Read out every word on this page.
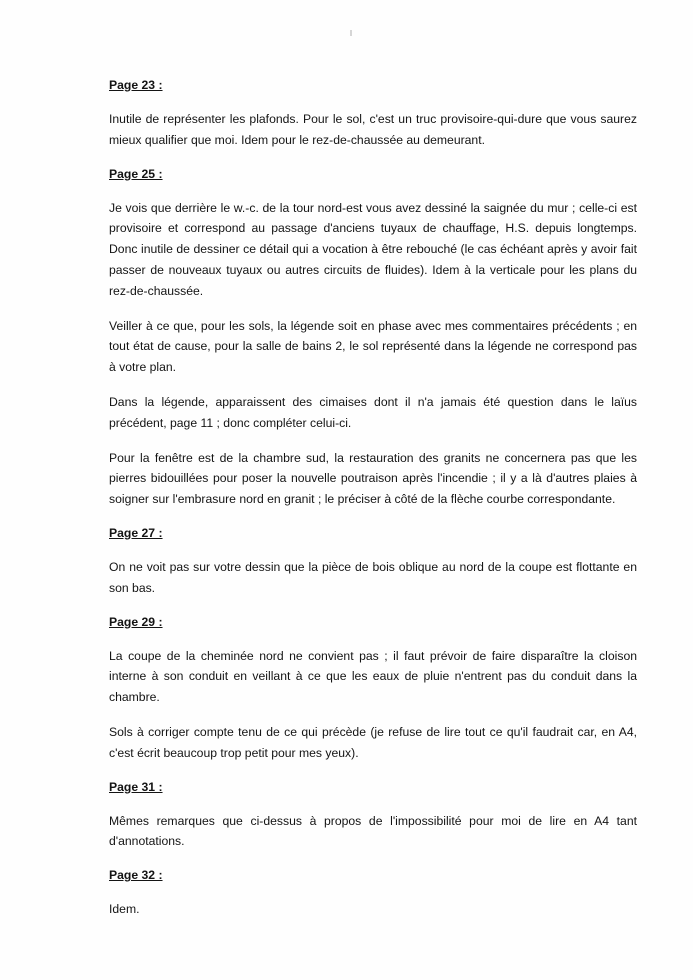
Page 23 :

Inutile de représenter les plafonds. Pour le sol, c'est un truc provisoire-qui-dure que vous saurez mieux qualifier que moi. Idem pour le rez-de-chaussée au demeurant.

Page 25 :

Je vois que derrière le w.-c. de la tour nord-est vous avez dessiné la saignée du mur ; celle-ci est provisoire et correspond au passage d'anciens tuyaux de chauffage, H.S. depuis longtemps. Donc inutile de dessiner ce détail qui a vocation à être rebouché (le cas échéant après y avoir fait passer de nouveaux tuyaux ou autres circuits de fluides). Idem à la verticale pour les plans du rez-de-chaussée.

Veiller à ce que, pour les sols, la légende soit en phase avec mes commentaires précédents ; en tout état de cause, pour la salle de bains 2, le sol représenté dans la légende ne correspond pas à votre plan.

Dans la légende, apparaissent des cimaises dont il n'a jamais été question dans le laïus précédent, page 11 ; donc compléter celui-ci.

Pour la fenêtre est de la chambre sud, la restauration des granits ne concernera pas que les pierres bidouillées pour poser la nouvelle poutraison après l'incendie ; il y a là d'autres plaies à soigner sur l'embrasure nord en granit ; le préciser à côté de la flèche courbe correspondante.

Page 27 :

On ne voit pas sur votre dessin que la pièce de bois oblique au nord de la coupe est flottante en son bas.

Page 29 :

La coupe de la cheminée nord ne convient pas ; il faut prévoir de faire disparaître la cloison interne à son conduit en veillant à ce que les eaux de pluie n'entrent pas du conduit dans la chambre.

Sols à corriger compte tenu de ce qui précède (je refuse de lire tout ce qu'il faudrait car, en A4, c'est écrit beaucoup trop petit pour mes yeux).

Page 31 :

Mêmes remarques que ci-dessus à propos de l'impossibilité pour moi de lire en A4 tant d'annotations.

Page 32 :

Idem.
